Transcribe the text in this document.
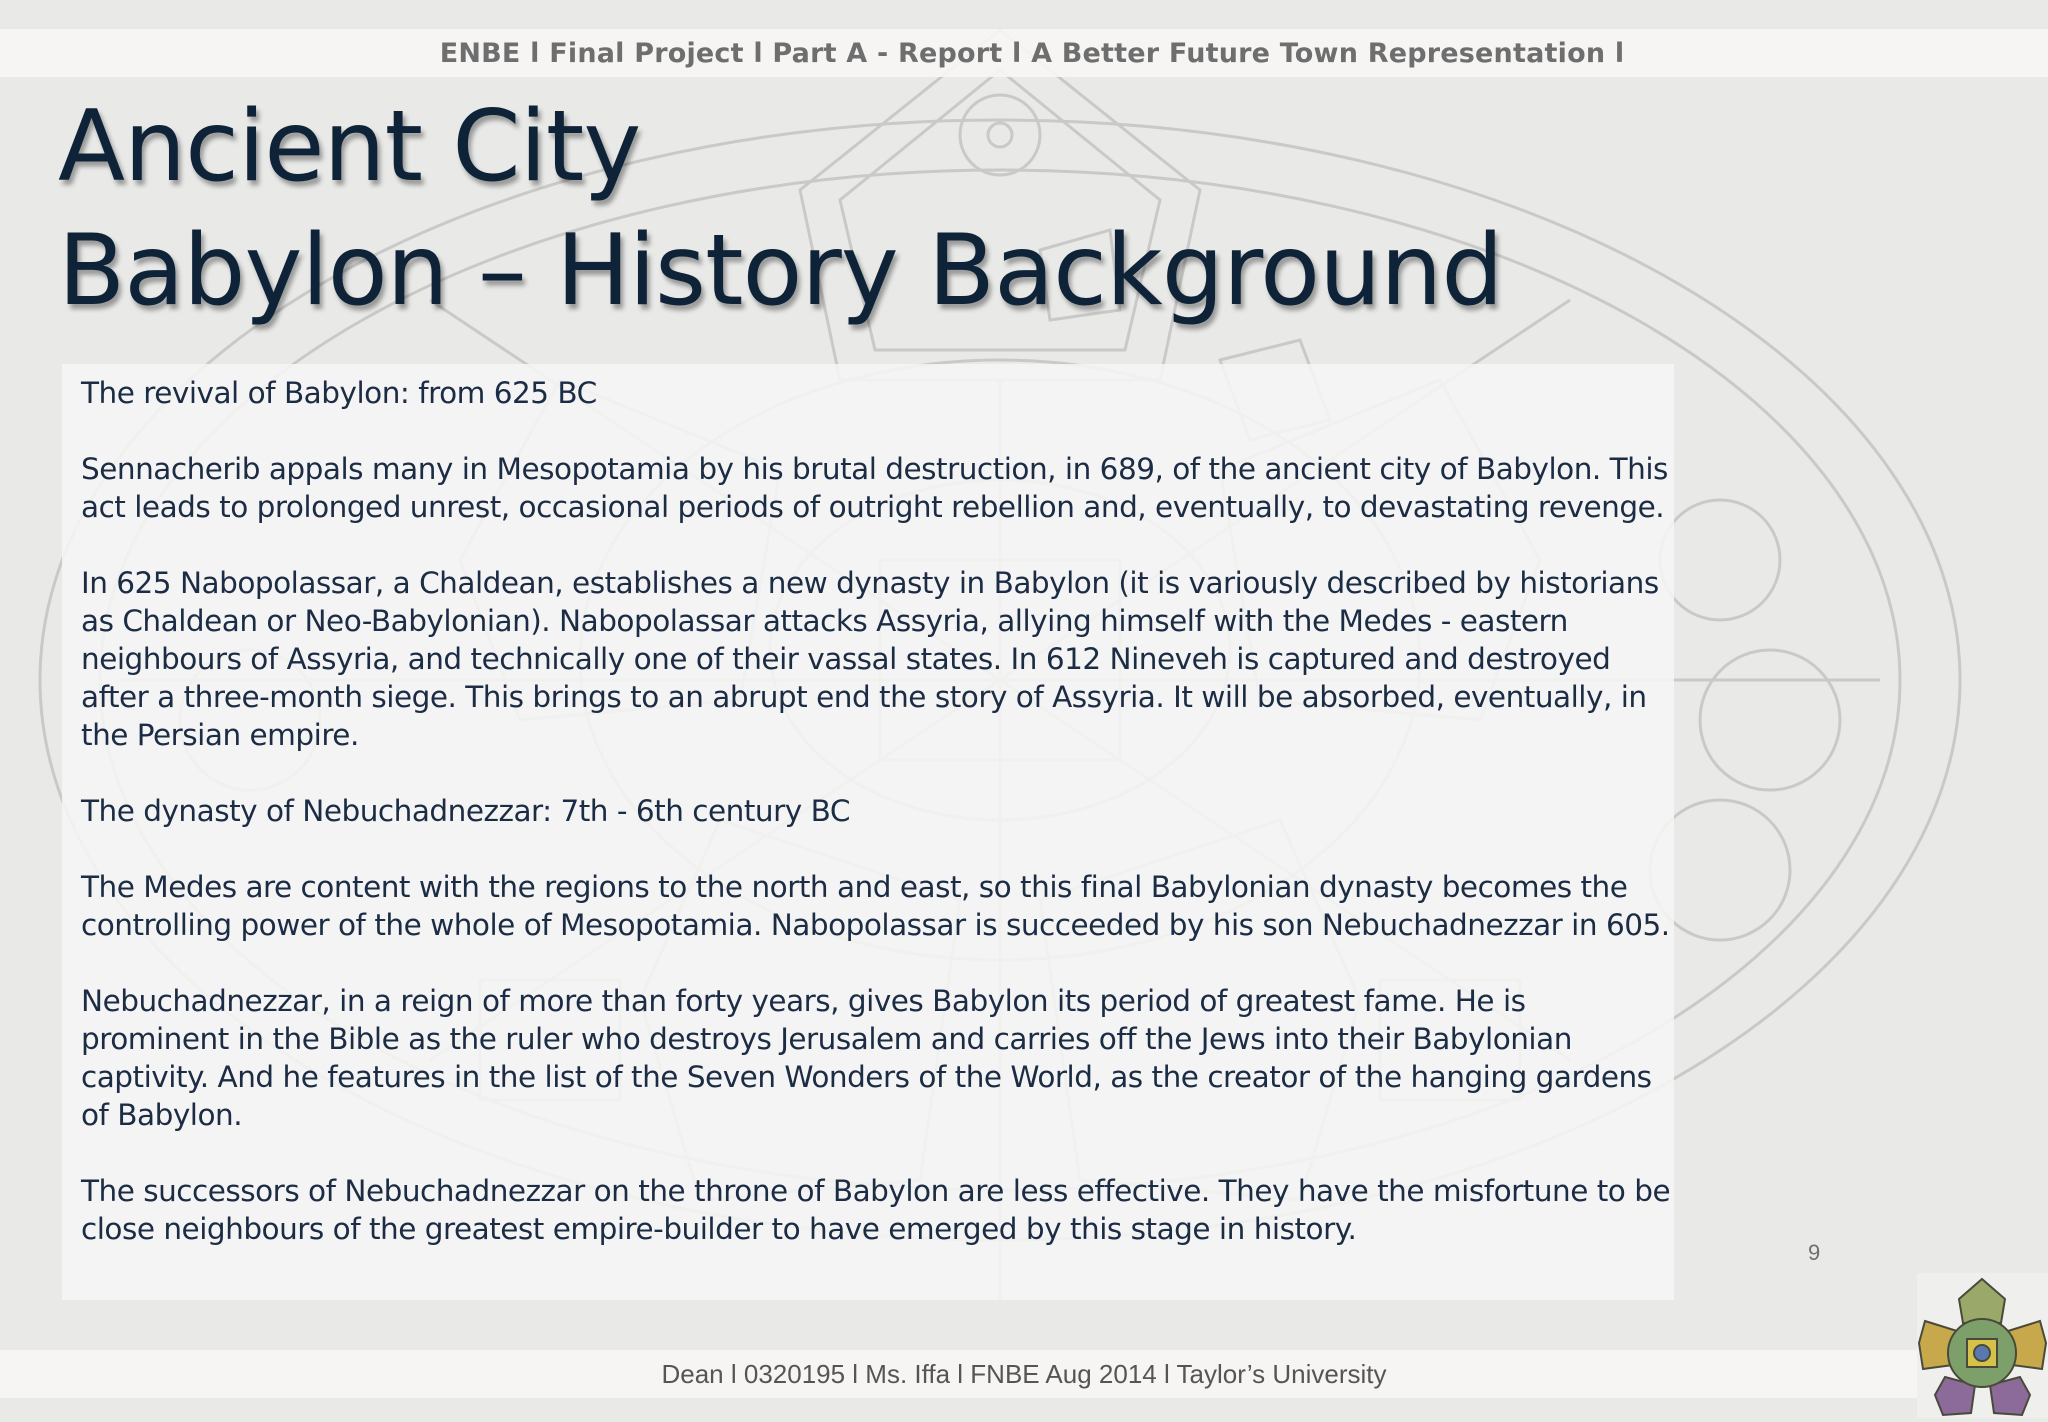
ENBE l Final Project l Part A - Report l A Better Future Town Representation l
Ancient City
Babylon – History Background

The revival of Babylon: from 625 BC

Sennacherib appals many in Mesopotamia by his brutal destruction, in 689, of the ancient city of Babylon. This act leads to prolonged unrest, occasional periods of outright rebellion and, eventually, to devastating revenge.

In 625 Nabopolassar, a Chaldean, establishes a new dynasty in Babylon (it is variously described by historians as Chaldean or Neo-Babylonian). Nabopolassar attacks Assyria, allying himself with the Medes - eastern neighbours of Assyria, and technically one of their vassal states. In 612 Nineveh is captured and destroyed after a three-month siege. This brings to an abrupt end the story of Assyria. It will be absorbed, eventually, in the Persian empire.

The dynasty of Nebuchadnezzar: 7th - 6th century BC

The Medes are content with the regions to the north and east, so this final Babylonian dynasty becomes the controlling power of the whole of Mesopotamia. Nabopolassar is succeeded by his son Nebuchadnezzar in 605.

Nebuchadnezzar, in a reign of more than forty years, gives Babylon its period of greatest fame. He is prominent in the Bible as the ruler who destroys Jerusalem and carries off the Jews into their Babylonian captivity. And he features in the list of the Seven Wonders of the World, as the creator of the hanging gardens of Babylon.

The successors of Nebuchadnezzar on the throne of Babylon are less effective. They have the misfortune to be close neighbours of the greatest empire-builder to have emerged by this stage in history.

9
Dean l 0320195 l Ms. Iffa l FNBE Aug 2014 l Taylor’s University
